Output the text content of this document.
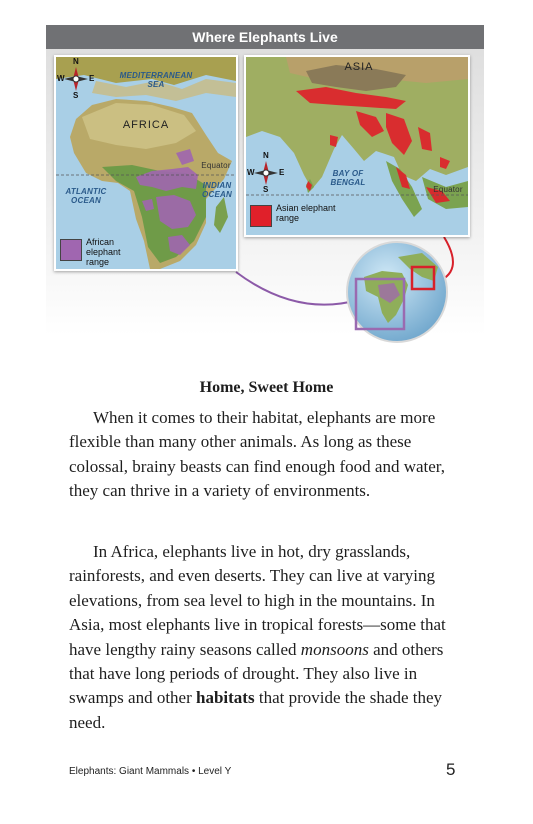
Where Elephants Live
N
W	E
S
MEDITERRANEAN SEA
AFRICA
Equator
ATLANTIC OCEAN
INDIAN OCEAN
African elephant range
ASIA
N
W	E
S
BAY OF BENGAL
Equator
Asian elephant range
Home, Sweet Home

When it comes to their habitat, elephants are more flexible than many other animals. As long as these colossal, brainy beasts can find enough food and water, they can thrive in a variety of environments.

In Africa, elephants live in hot, dry grasslands, rainforests, and even deserts. They can live at varying elevations, from sea level to high in the mountains. In Asia, most elephants live in tropical forests—some that have lengthy rainy seasons called monsoons and others that have long periods of drought. They also live in swamps and other habitats that provide the shade they need.

Elephants: Giant Mammals • Level Y	5
